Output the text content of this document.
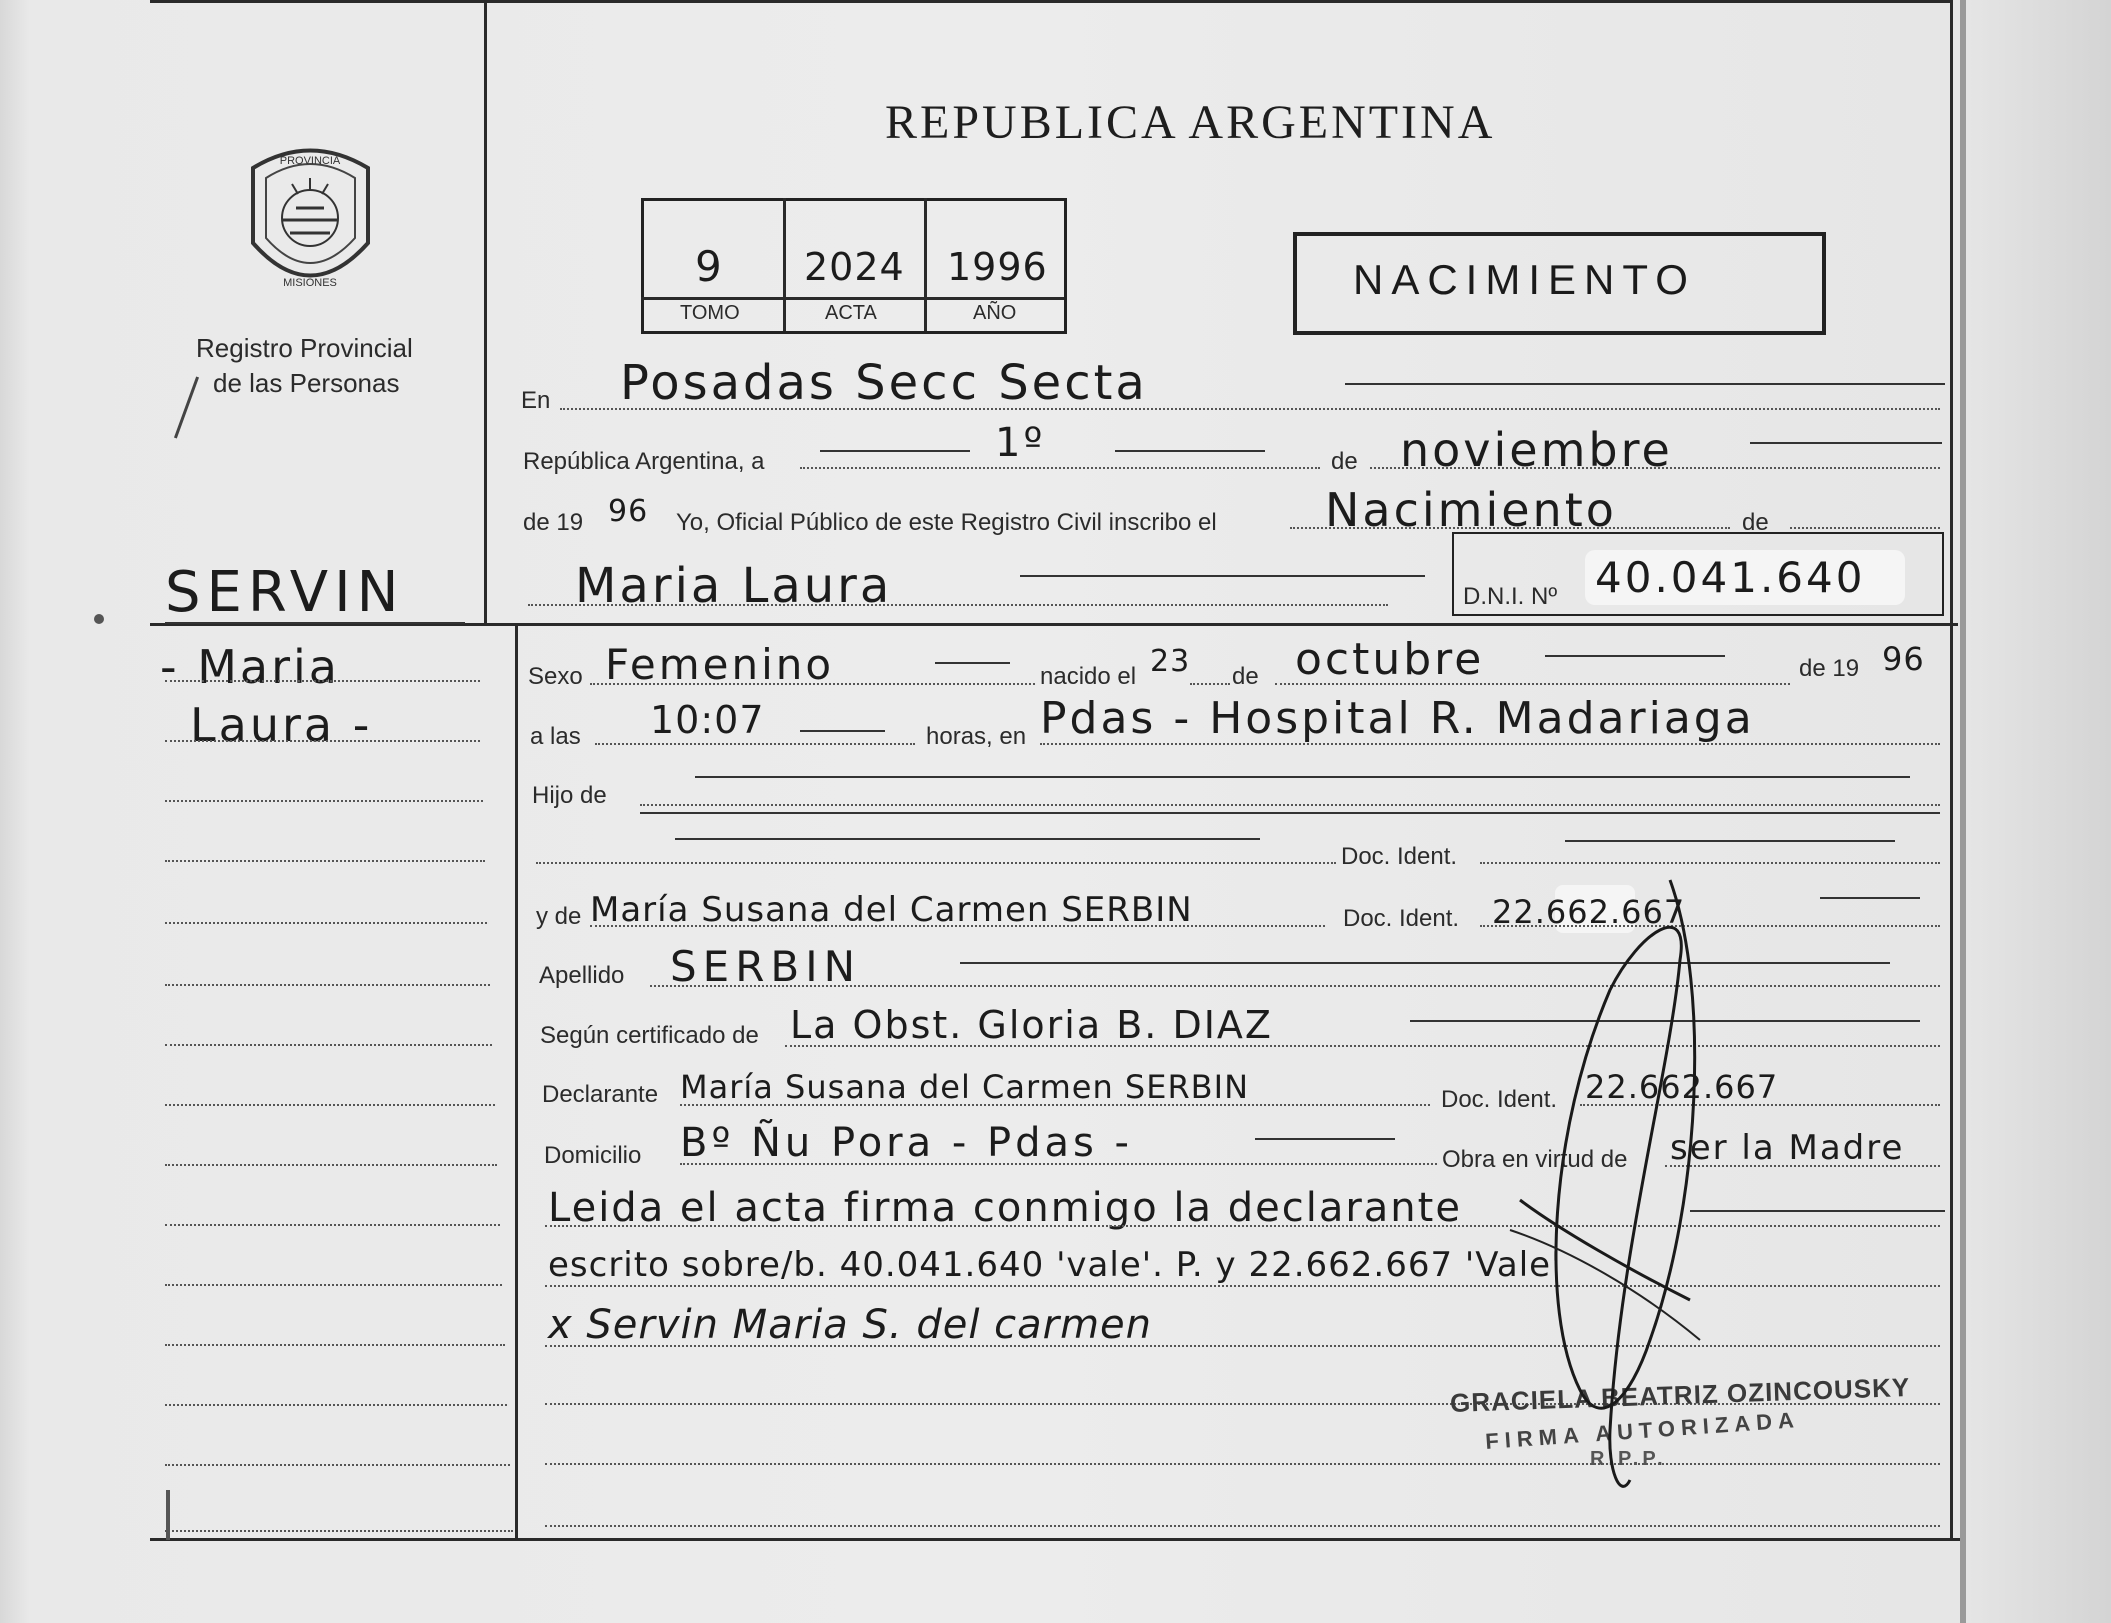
REPUBLICA ARGENTINA
PROVINCIA
MISIONES
Registro Provincial
de las Personas
9 2024 1996
TOMO	ACTA	AÑO
NACIMIENTO
SERVIN
- Maria
Laura -
En Posadas Secc Secta
República Argentina, a	1º	de noviembre
de 19 96 Yo, Oficial Público de este Registro Civil inscribo el Nacimiento	de
Maria Laura	D.N.I. Nº 40.041.640
Sexo Femenino	nacido el 23 de octubre	de 19 96
a las 10:07	horas, en Pdas - Hospital R. Madariaga
Hijo de
Doc. Ident.
y de María Susana del Carmen SERBIN	Doc. Ident. 22.662.667
Apellido SERBIN
Según certificado de La Obst. Gloria B. DIAZ
Declarante María Susana del Carmen SERBIN	Doc. Ident. 22.662.667
Domicilio Bº Ñu Pora - Pdas -	Obra en virtud de ser la Madre
Leida el acta firma conmigo la declarante
escrito sobre/b. 40.041.640 'vale'. P. y 22.662.667 'Vale'
x Servin Maria S. del carmen
GRACIELA BEATRIZ OZINCOUSKY
FIRMA AUTORIZADA
R.P.P.
